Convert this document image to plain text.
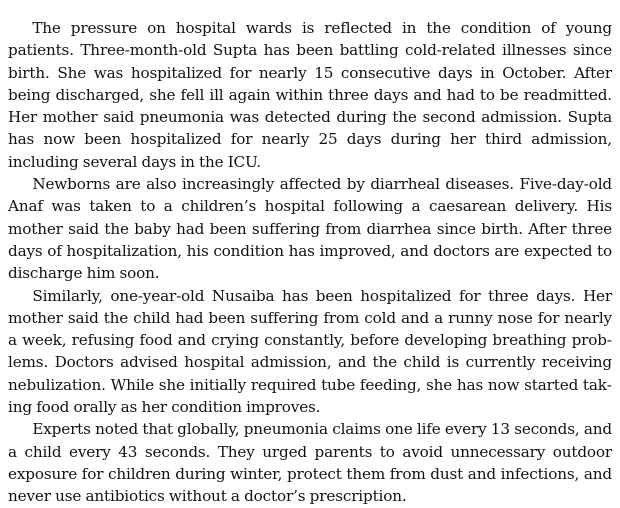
The pressure on hospital wards is reflected in the condition of young patients. Three-month-old Supta has been battling cold-related illnesses since birth. She was hospitalized for nearly 15 consecutive days in October. After being discharged, she fell ill again within three days and had to be readmitted. Her mother said pneumonia was detected during the second admission. Supta has now been hospitalized for nearly 25 days during her third admission, including several days in the ICU.

Newborns are also increasingly affected by diarrheal diseases. Five-day-old Anaf was taken to a children’s hospital following a caesarean delivery. His mother said the baby had been suffering from diarrhea since birth. After three days of hospitalization, his condition has improved, and doctors are expected to discharge him soon.

Similarly, one-year-old Nusaiba has been hospitalized for three days. Her mother said the child had been suffering from cold and a runny nose for nearly a week, refusing food and crying constantly, before developing breathing problems. Doctors advised hospital admission, and the child is currently receiving nebulization. While she initially required tube feeding, she has now started taking food orally as her condition improves.

Experts noted that globally, pneumonia claims one life every 13 seconds, and a child every 43 seconds. They urged parents to avoid unnecessary outdoor exposure for children during winter, protect them from dust and infections, and never use antibiotics without a doctor’s prescription.
